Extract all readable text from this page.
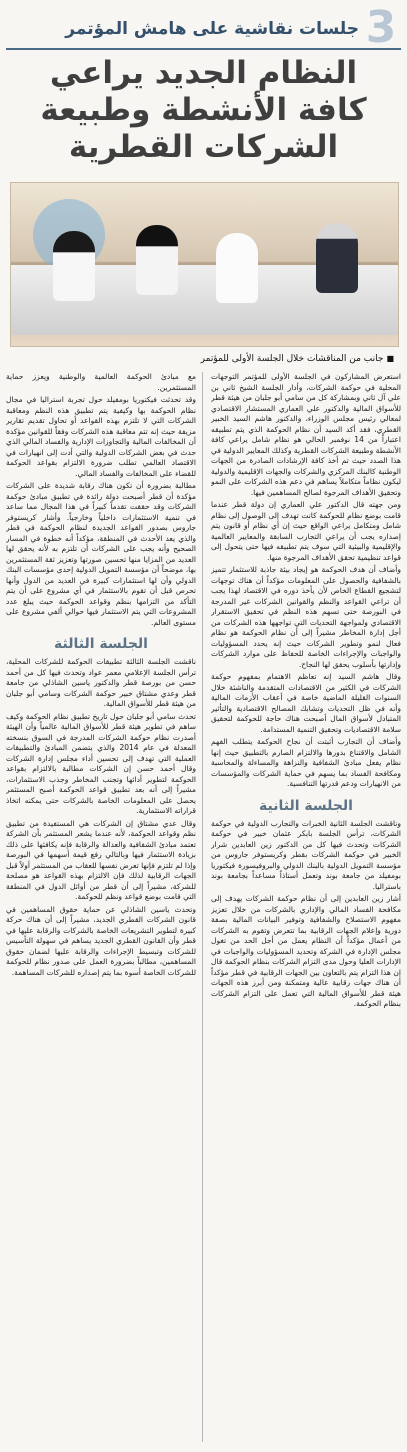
3
جلسات نقاشية على هامش المؤتمر
النظام الجديد يراعي
كافة الأنشطة وطبيعة
الشركات القطرية
■ جانب من المناقشات خلال الجلسة الأولى للمؤتمر

استعرض المشاركون في الجلسة الأولى للمؤتمر التوجهات المحلية في حوكمة الشركات، وأدار الجلسة الشيخ ثاني بن علي آل ثاني وبمشاركة كل من سامي أبو جلبان من هيئة قطر للأسواق المالية والدكتور علي العماري المستشار الاقتصادي لمعالي رئيس مجلس الوزراء، والدكتور هاشم السيد الخبير القطري، فقد أكد السيد أن نظام الحوكمة الذي يتم تطبيقه اعتباراً من 14 نوفمبر الحالي هو نظام شامل يراعي كافة الأنشطة وطبيعة الشركات القطرية وكذلك المعايير الدولية في هذا الصدد حيث تم أخذ كافة الإرشادات الصادرة من الجهات الوطنية كالبنك المركزي والشركات والجهات الإقليمية والدولية ليكون نظاماً متكاملاً يساهم في دعم هذه الشركات على النمو وتحقيق الأهداف المرجوة لصالح المساهمين فيها.

ومن جهته قال الدكتور علي العماري إن دولة قطر عندما قامت بوضع نظام للحوكمة كانت تهدف إلى الوصول إلى نظام شامل ومتكامل يراعي الواقع حيث إن أي نظام أو قانون يتم إصداره يجب أن يراعي التجارب السابقة والمعايير العالمية والإقليمية والبيئية التي سوف يتم تطبيقه فيها حتى يتحول إلى قواعد تنظيمية تحقق الأهداف المرجوة منها.

وأضاف أن هدف الحوكمة هو إيجاد بيئة جاذبة للاستثمار تتميز بالشفافية والحصول على المعلومات مؤكداً أن هناك توجهات لتشجيع القطاع الخاص لأن يأخذ دوره في الاقتصاد لهذا يجب أن تراعي القواعد والنظم والقوانين الشركات غير المدرجة في البورصة حتى تسهم هذه النظم في تحقيق الاستقرار الاقتصادي ولمواجهة التحديات التي تواجهها هذه الشركات من أجل إدارة المخاطر مشيراً إلى أن نظام الحوكمة هو نظام فعال لنمو وتطوير الشركات حيث إنه يحدد المسؤوليات والواجبات والإجراءات الخاصة للحفاظ على موارد الشركات وإدارتها بأسلوب يحقق لها النجاح.

وقال هاشم السيد إنه تعاظم الاهتمام بمفهوم حوكمة الشركات في الكثير من الاقتصادات المتقدمة والناشئة خلال السنوات القليلة الماضية خاصة في أعقاب الأزمات المالية وأنه في ظل التحديات وتشابك المصالح الاقتصادية والتأثير المتبادل لأسواق المال أصبحت هناك حاجة للحوكمة لتحقيق سلامة الاقتصاديات وتحقيق التنمية المستدامة.

وأضاف أن التجارب أثبتت أن نجاح الحوكمة يتطلب الفهم الشامل والاقتناع بدورها والالتزام الصارم بالتطبيق حيث إنها نظام يفعل مبادئ الشفافية والنزاهة والمساءلة والمحاسبة ومكافحة الفساد بما يسهم في حماية الشركات والمؤسسات من الانهيارات ودعم قدرتها التنافسية.

الجلسة الثانية

وناقشت الجلسة الثانية الخبرات والتجارب الدولية في حوكمة الشركات، ترأس الجلسة بابكر عثمان خبير في حوكمة الشركات وتحدث فيها كل من الدكتور زين العابدين شرار الخبير في حوكمة الشركات بقطر وكريستوفر جاروس من مؤسسة التمويل الدولية بالبنك الدولي والبروفيسورة فيكتوريا بومفيلد من جامعة بوند وتعمل أستاذاً مساعداً بجامعة بوند باستراليا.

أشار زين العابدين إلى أن نظام حوكمة الشركات يهدف إلى مكافحة الفساد المالي والإداري بالشركات من خلال تعزيز مفهوم الاستصلاح والشفافية وتوفير البيانات المالية بصفة دورية وإعلام الجهات الرقابية بما تتعرض وتقوم به الشركات من أعمال مؤكداً أن النظام يعمل من أجل الحد من تغول مجلس الإدارة في الشركة وتحديد المسؤوليات والواجبات في الإدارات العليا وحول مدى التزام الشركات بنظام الحوكمة قال إن هذا التزام يتم بالتعاون بين الجهات الرقابية في قطر مؤكداً أن هناك جهات رقابية عالية ومتمكنة ومن أبرز هذه الجهات هيئة قطر للأسواق المالية التي تعمل على التزام الشركات بنظام الحوكمة.

مع مبادئ الحوكمة العالمية والوطنية ويعزز حماية المستثمرين.

وقد تحدثت فيكتوريا بومفيلد حول تجربة استراليا في مجال نظام الحوكمة بها وكيفية يتم تطبيق هذه النظم ومعاقبة الشركات التي لا تلتزم بهذه القواعد أو تحاول تقديم تقارير مزيفة حيث إنه تتم معاقبة هذه الشركات وفقاً للقوانين مؤكدة أن المخالفات المالية والتجاوزات الإدارية والفساد المالي الذي حدث في بعض الشركات الدولية والتي أدت إلى انهيارات في الاقتصاد العالمي تطلب ضرورة الالتزام بقواعد الحوكمة للقضاء على المخالفات والفساد المالي.

مطالبة بضرورة أن تكون هناك رقابة شديدة على الشركات مؤكدة أن قطر أصبحت دولة رائدة في تطبيق مبادئ حوكمة الشركات وقد حققت تقدماً كبيراً في هذا المجال مما ساعد في تنمية الاستثمارات داخلياً وخارجياً. وأشار كريستوفر جاروس بصدور القواعد الجديدة لنظام الحوكمة في قطر والذي يعد الأحدث في المنطقة، مؤكداً أنه خطوة في المسار الصحيح وأنه يجب على الشركات أن تلتزم به لأنه يحقق لها العديد من المزايا منها تحسين صورتها وتعزيز ثقة المستثمرين بها، موضحاً أن مؤسسة التمويل الدولية إحدى مؤسسات البنك الدولي وأن لها استثمارات كبيرة في العديد من الدول وأنها تحرص قبل أن تقوم بالاستثمار في أي مشروع على أن يتم التأكد من التزامها بنظم وقواعد الحوكمة حيث يبلغ عدد المشروعات التي يتم الاستثمار فيها حوالي ألفي مشروع على مستوى العالم.

الجلسة الثالثة

ناقشت الجلسة الثالثة تطبيقات الحوكمة للشركات المحلية، ترأس الجلسة الإعلامي معمر عواد وتحدث فيها كل من أحمد حسن من بورصة قطر والدكتور ياسين الشاذلي من جامعة قطر وعدي مشتاق خبير حوكمة الشركات وسامي أبو جلبان من هيئة قطر للأسواق المالية.

تحدث سامي أبو جلبان حول تاريخ تطبيق نظام الحوكمة وكيف ساهم في تطوير هيئة قطر للأسواق المالية عالمياً وأن الهيئة أصدرت نظام حوكمة الشركات المدرجة في السوق بنسخته المعدلة في عام 2014 والذي يتضمن المبادئ والتطبيقات العملية التي تهدف إلى تحسين أداء مجلس إدارة الشركات وقال أحمد حسن إن الشركات مطالبة بالالتزام بقواعد الحوكمة لتطوير أدائها وتجنب المخاطر وجذب الاستثمارات، مشيراً إلى أنه بعد تطبيق قواعد الحوكمة أصبح المستثمر يحصل على المعلومات الخاصة بالشركات حتى يمكنه اتخاذ قراراته الاستثمارية.

وقال عدي مشتاق إن الشركات هي المستفيدة من تطبيق نظم وقواعد الحوكمة، لأنه عندما يشعر المستثمر بأن الشركة تعتمد مبادئ الشفافية والعدالة والرقابة فإنه يكافئها على ذلك بزيادة الاستثمار فيها وبالتالي رفع قيمة أسهمها في البورصة وإذا لم تلتزم فإنها تعرض نفسها للعقاب من المستثمر أولاً قبل الجهات الرقابية لذلك فإن الالتزام بهذه القواعد هو مصلحة للشركة، مشيراً إلى أن قطر من أوائل الدول في المنطقة التي قامت بوضع قواعد ونظم للحوكمة.

وتحدث ياسين الشاذلي عن حماية حقوق المساهمين في قانون الشركات القطري الجديد، مشيراً إلى أن هناك حركة كبيرة لتطوير التشريعات الخاصة بالشركات والرقابة عليها في قطر وأن القانون القطري الجديد يساهم في سهولة التأسيس للشركات وتبسيط الإجراءات والرقابة عليها لضمان حقوق المساهمين، مطالباً بضرورة العمل على صدور نظام للحوكمة للشركات الخاصة أسوة بما يتم إصداره للشركات المساهمة.
